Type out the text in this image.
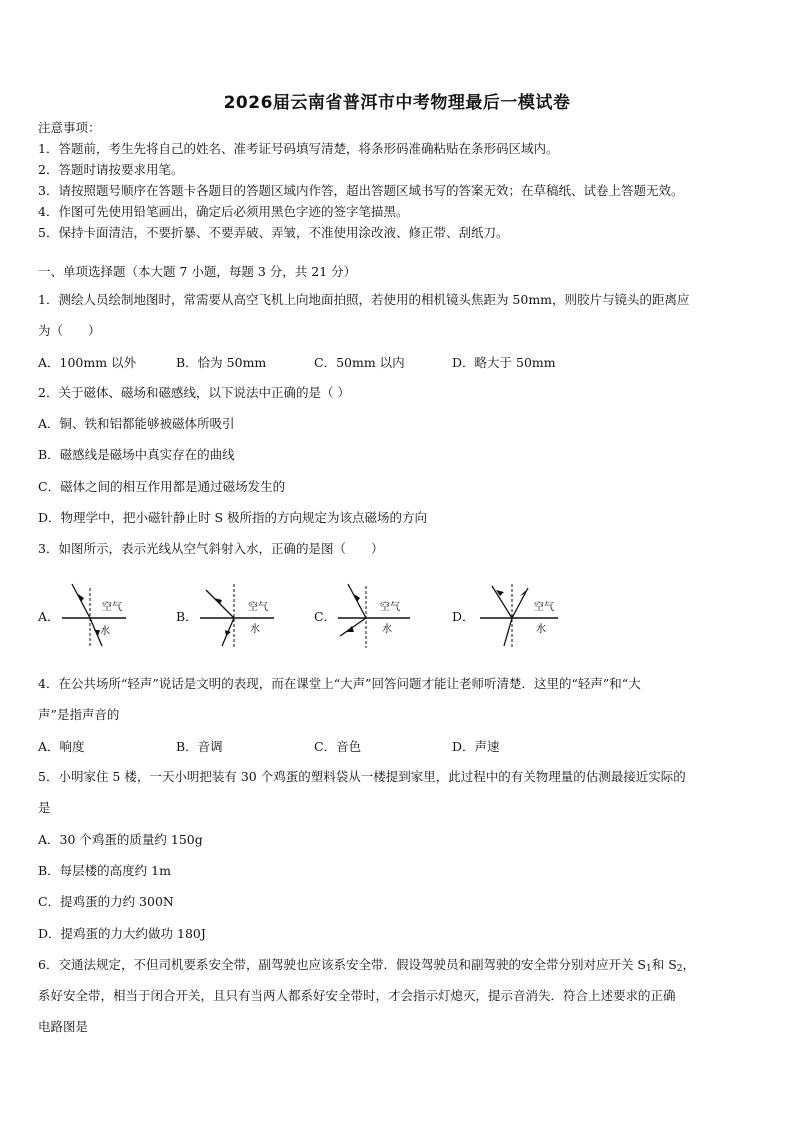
2026届云南省普洱市中考物理最后一模试卷
注意事项：
1．答题前，考生先将自己的姓名、准考证号码填写清楚，将条形码准确粘贴在条形码区域内。
2．答题时请按要求用笔。
3．请按照题号顺序在答题卡各题目的答题区域内作答，超出答题区域书写的答案无效；在草稿纸、试卷上答题无效。
4．作图可先使用铅笔画出，确定后必须用黑色字迹的签字笔描黑。
5．保持卡面清洁，不要折暴、不要弄破、弄皱，不准使用涂改液、修正带、刮纸刀。
一、单项选择题（本大题 7 小题，每题 3 分，共 21 分）
1．测绘人员绘制地图时，常需要从高空飞机上向地面拍照，若使用的相机镜头焦距为 50mm，则胶片与镜头的距离应
为（　　）
A．100mm 以外	B．恰为 50mm	C．50mm 以内	D．略大于 50mm
2．关于磁体、磁场和磁感线，以下说法中正确的是（ ）
A．铜、铁和铝都能够被磁体所吸引
B．磁感线是磁场中真实存在的曲线
C．磁体之间的相互作用都是通过磁场发生的
D．物理学中，把小磁针静止时 S 极所指的方向规定为该点磁场的方向
3．如图所示，表示光线从空气斜射入水，正确的是图（　　）
A．
空气
水
B．
空气
水
C．
空气
水
D．
空气
水
4．在公共场所“轻声”说话是文明的表现，而在课堂上“大声”回答问题才能让老师听清楚．这里的“轻声”和“大
声”是指声音的
A．响度	B．音调	C．音色	D．声速
5．小明家住 5 楼，一天小明把装有 30 个鸡蛋的塑料袋从一楼提到家里，此过程中的有关物理量的估测最接近实际的
是
A．30 个鸡蛋的质量约 150g
B．每层楼的高度约 1m
C．提鸡蛋的力约 300N
D．提鸡蛋的力大约做功 180J
6．交通法规定，不但司机要系安全带，副驾驶也应该系安全带．假设驾驶员和副驾驶的安全带分别对应开关 $S_1$和 $S_2$，
系好安全带，相当于闭合开关，且只有当两人都系好安全带时，才会指示灯熄灭，提示音消失．符合上述要求的正确
电路图是
